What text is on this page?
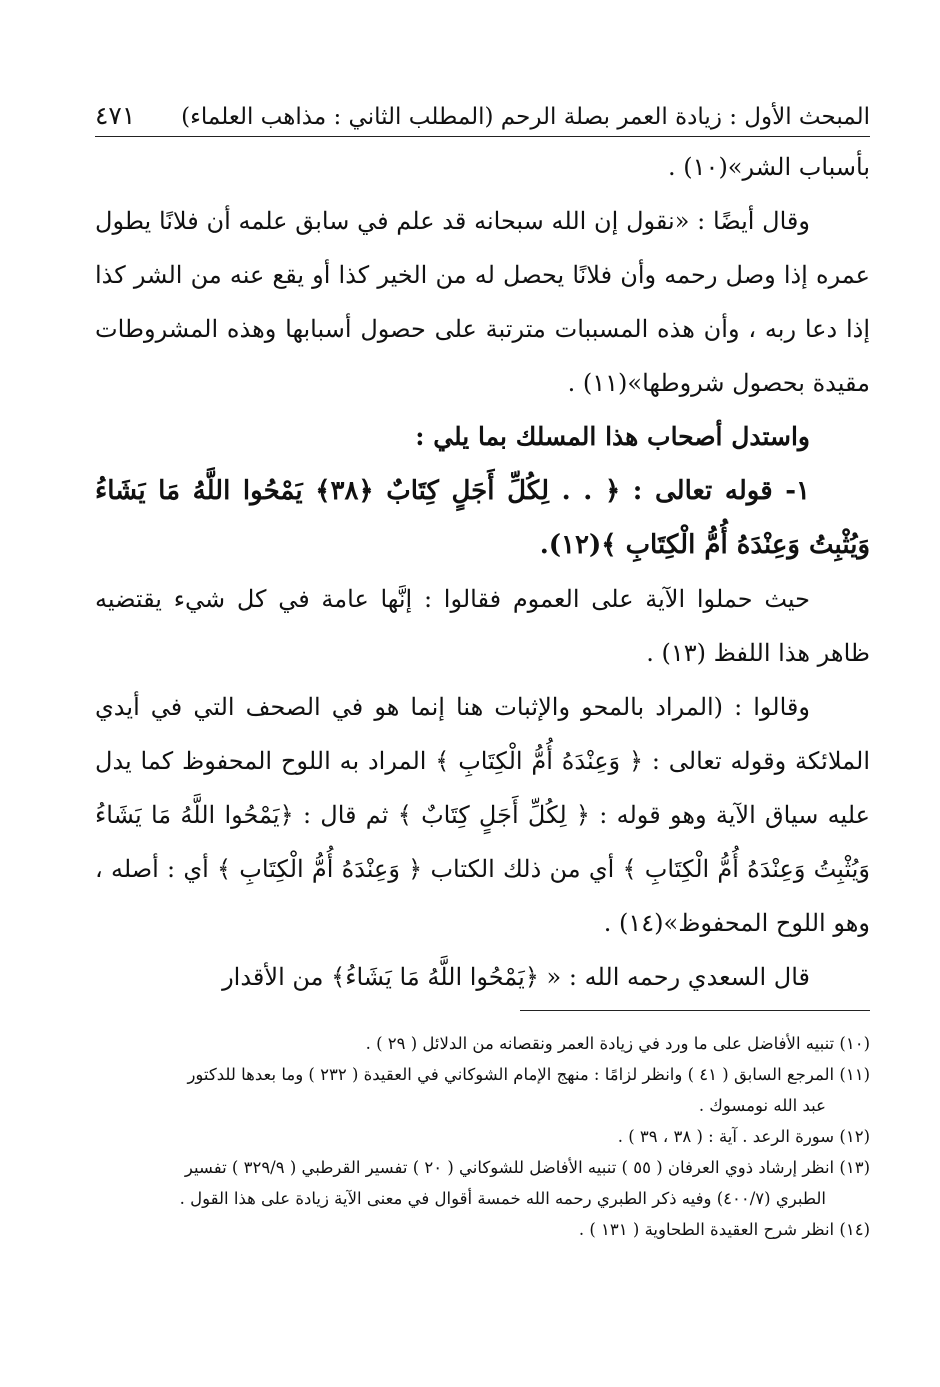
المبحث الأول : زيادة العمر بصلة الرحم (المطلب الثاني : مذاهب العلماء)
٤٧١

بأسباب الشر»(١٠) .

وقال أيضًا : «نقول إن الله سبحانه قد علم في سابق علمه أن فلانًا يطول عمره إذا وصل رحمه وأن فلانًا يحصل له من الخير كذا أو يقع عنه من الشر كذا إذا دعا ربه ، وأن هذه المسببات مترتبة على حصول أسبابها وهذه المشروطات مقيدة بحصول شروطها»(١١) .

واستدل أصحاب هذا المسلك بما يلي :

١- قوله تعالى : ﴿ . . لِكُلِّ أَجَلٍ كِتَابٌ ﴿٣٨﴾ يَمْحُوا اللَّهُ مَا يَشَاءُ وَيُثْبِتُ وَعِنْدَهُ أُمُّ الْكِتَابِ ﴾(١٢).

حيث حملوا الآية على العموم فقالوا : إنَّها عامة في كل شيء يقتضيه ظاهر هذا اللفظ (١٣) .

وقالوا : (المراد بالمحو والإثبات هنا إنما هو في الصحف التي في أيدي الملائكة وقوله تعالى : ﴿ وَعِنْدَهُ أُمُّ الْكِتَابِ ﴾ المراد به اللوح المحفوظ كما يدل عليه سياق الآية وهو قوله : ﴿ لِكُلِّ أَجَلٍ كِتَابٌ ﴾ ثم قال : ﴿يَمْحُوا اللَّهُ مَا يَشَاءُ وَيُثْبِتُ وَعِنْدَهُ أُمُّ الْكِتَابِ ﴾ أي من ذلك الكتاب ﴿ وَعِنْدَهُ أُمُّ الْكِتَابِ ﴾ أي : أصله ، وهو اللوح المحفوظ»(١٤) .

قال السعدي رحمه الله : « ﴿يَمْحُوا اللَّهُ مَا يَشَاءُ﴾ من الأقدار

(١٠) تنبيه الأفاضل على ما ورد في زيادة العمر ونقصانه من الدلائل ( ٢٩ ) .

(١١) المرجع السابق ( ٤١ ) وانظر لزامًا : منهج الإمام الشوكاني في العقيدة ( ٢٣٢ ) وما بعدها للدكتور

عبد الله نومسوك .

(١٢) سورة الرعد . آية : ( ٣٨ ، ٣٩ ) .

(١٣) انظر إرشاد ذوي العرفان ( ٥٥ ) تنبيه الأفاضل للشوكاني ( ٢٠ ) تفسير القرطبي ( ٣٢٩/٩ ) تفسير

الطبري (٤٠٠/٧) وفيه ذكر الطبري رحمه الله خمسة أقوال في معنى الآية زيادة على هذا القول .

(١٤) انظر شرح العقيدة الطحاوية ( ١٣١ ) .
